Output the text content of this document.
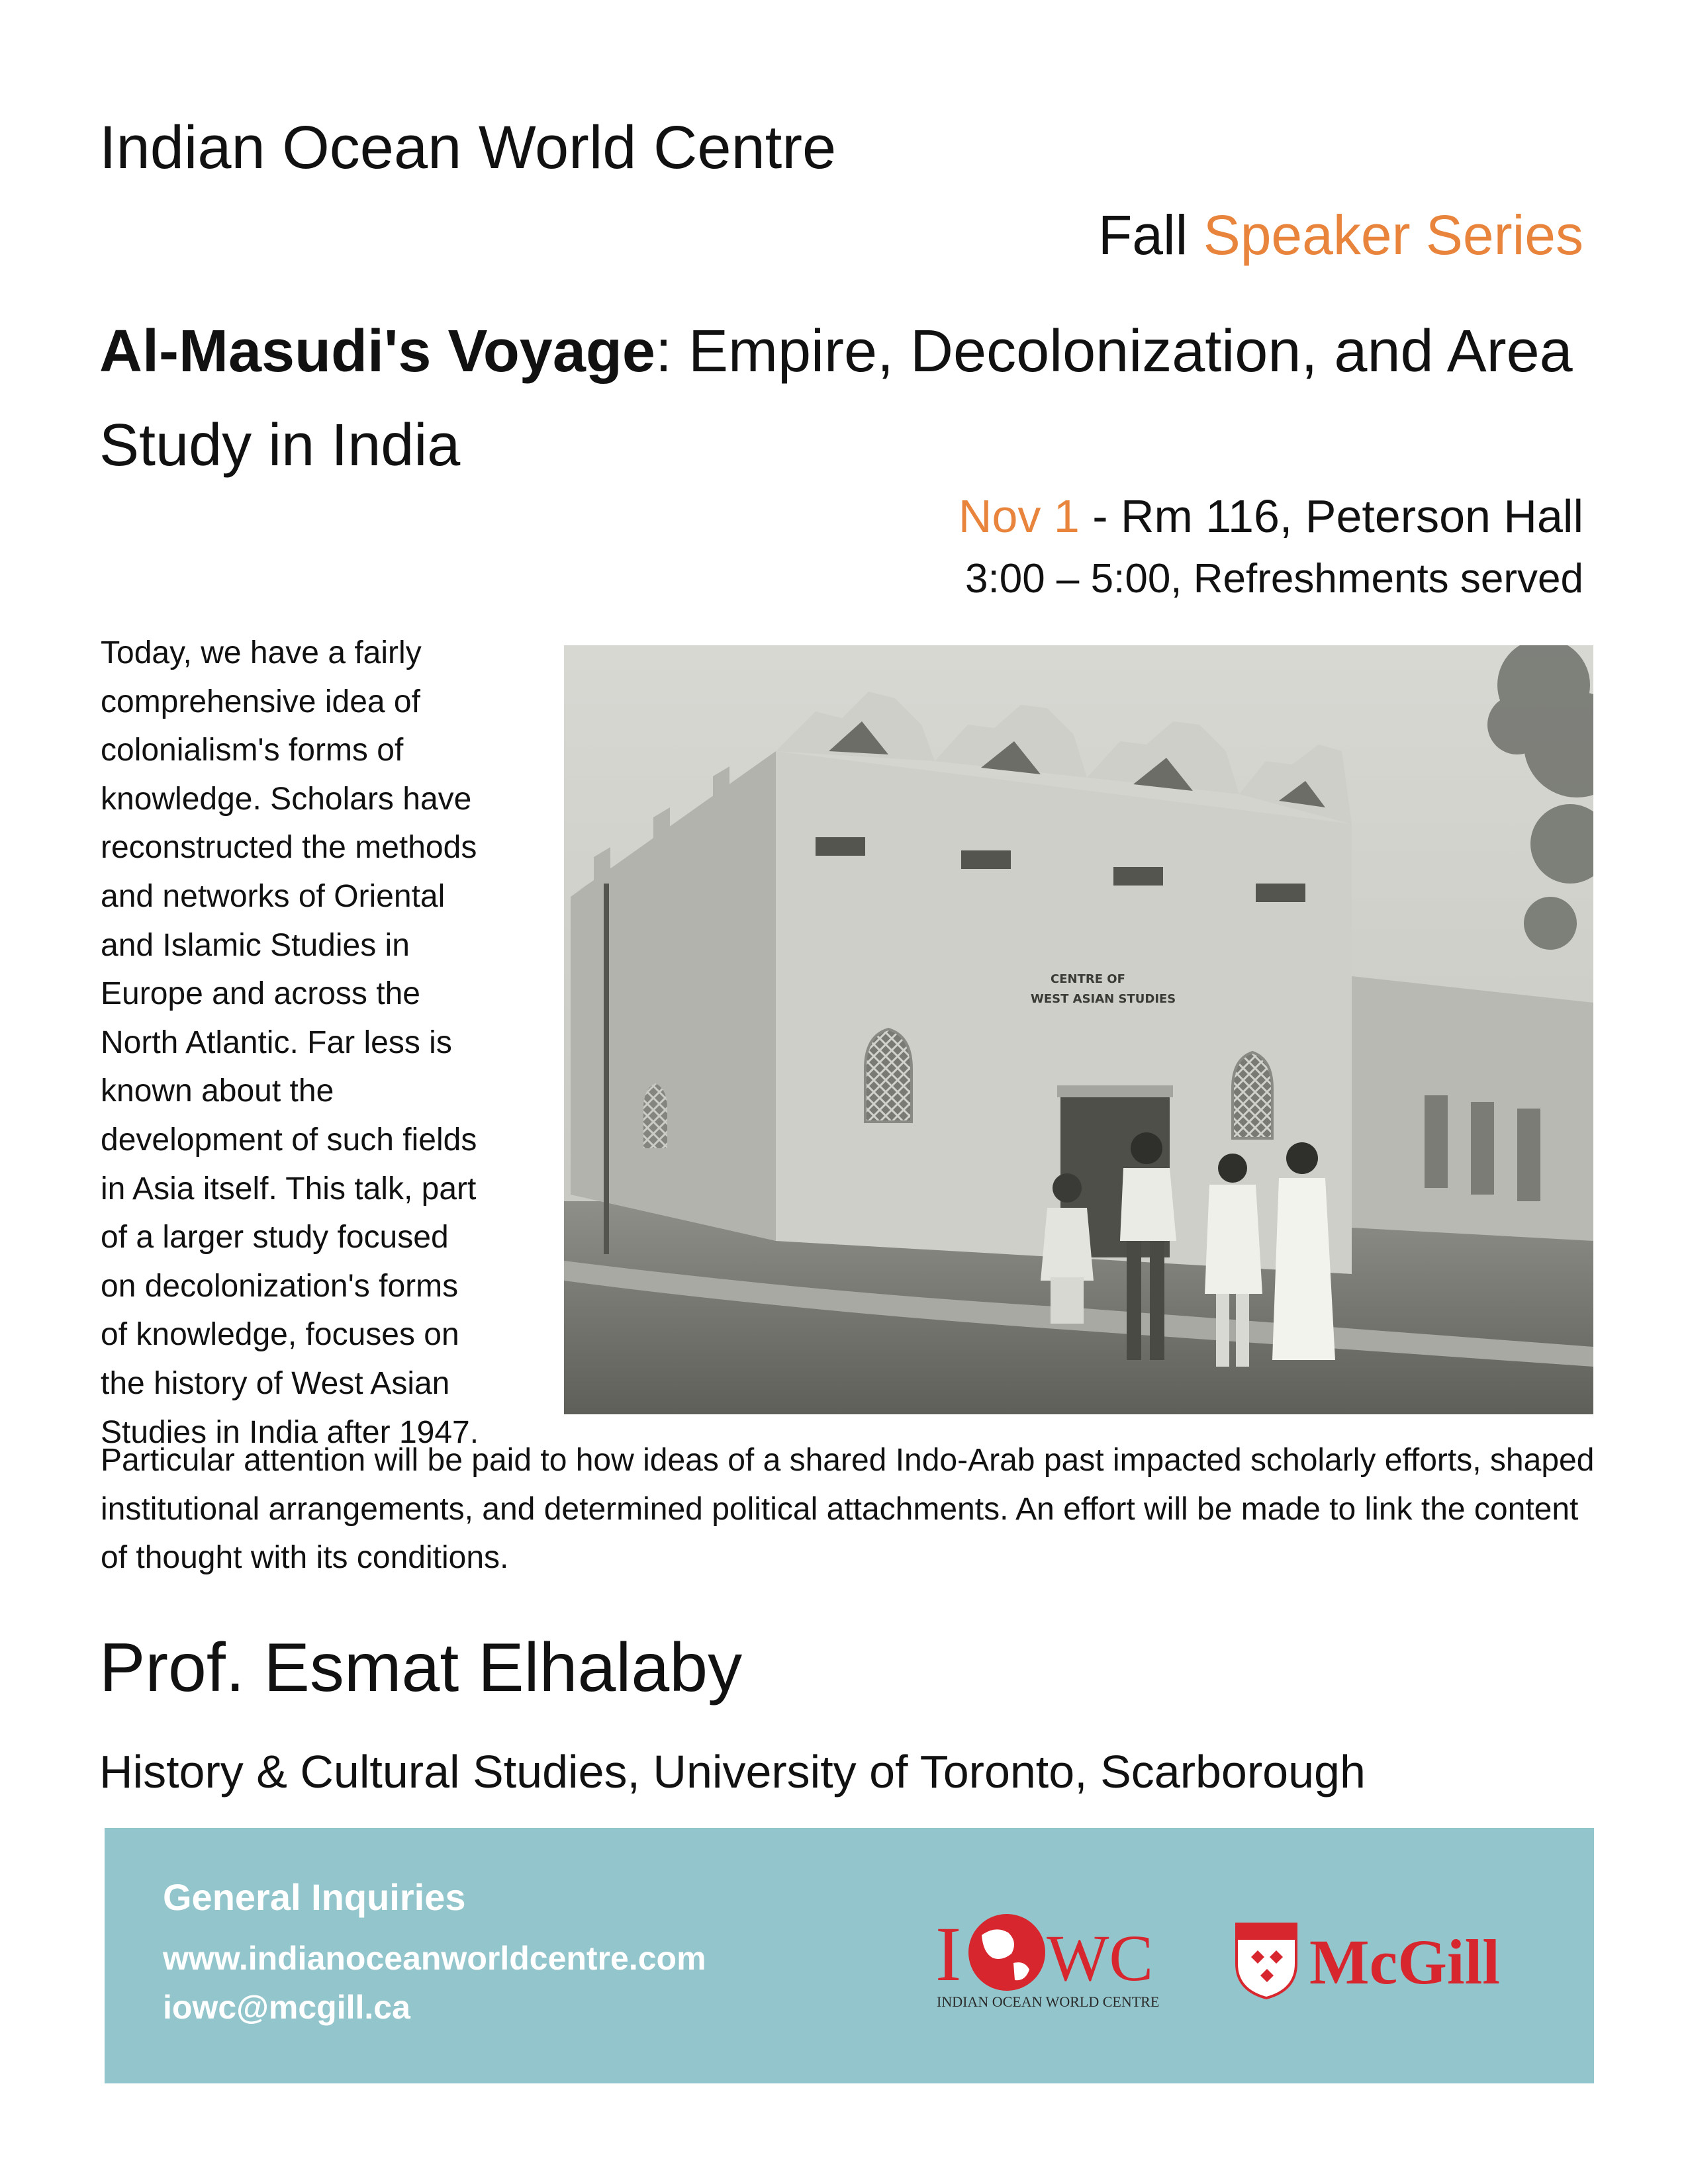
Indian Ocean World Centre
Fall Speaker Series
Al-Masudi's Voyage: Empire, Decolonization, and Area Study in India
Nov 1 - Rm 116, Peterson Hall
3:00 – 5:00, Refreshments served
Today, we have a fairly
comprehensive idea of
colonialism's forms of
knowledge. Scholars have
reconstructed the methods
and networks of Oriental
and Islamic Studies in
Europe and across the
North Atlantic. Far less is
known about the
development of such fields
in Asia itself. This talk, part
of a larger study focused
on decolonization's forms
of knowledge, focuses on
the history of West Asian
Studies in India after 1947.
CENTRE OF
WEST ASIAN STUDIES
Particular attention will be paid to how ideas of a shared Indo-Arab past impacted scholarly efforts, shaped institutional arrangements, and determined political attachments. An effort will be made to link the content of thought with its conditions.
Prof. Esmat Elhalaby
History & Cultural Studies, University of Toronto, Scarborough
General Inquiries
www.indianoceanworldcentre.com
iowc@mcgill.ca
I WC
INDIAN OCEAN WORLD CENTRE
McGill
